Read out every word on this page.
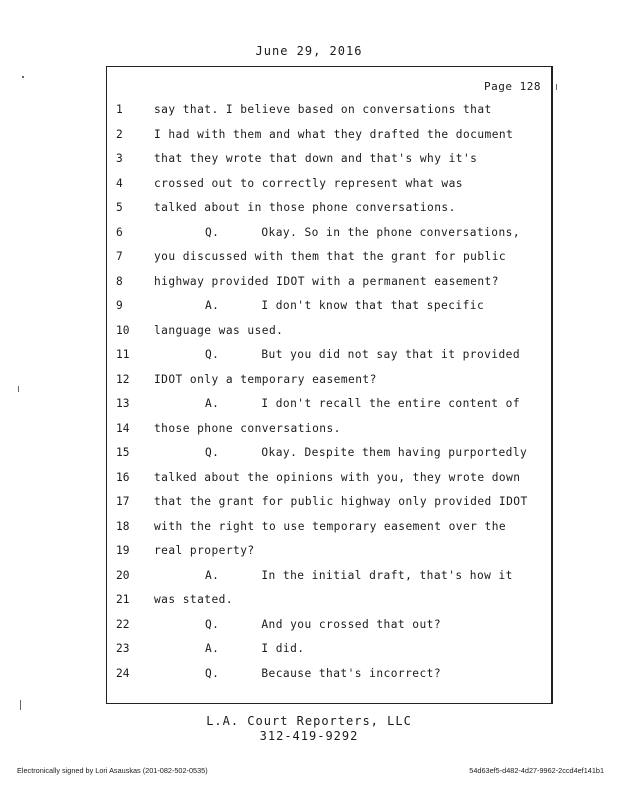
June 29, 2016
Page 128
1	say that. I believe based on conversations that
2	I had with them and what they drafted the document
3	that they wrote that down and that's why it's
4	crossed out to correctly represent what was
5	talked about in those phone conversations.
6	Q.	Okay. So in the phone conversations,
7	you discussed with them that the grant for public
8	highway provided IDOT with a permanent easement?
9	A.	I don't know that that specific
10	language was used.
11	Q.	But you did not say that it provided
12	IDOT only a temporary easement?
13	A.	I don't recall the entire content of
14	those phone conversations.
15	Q.	Okay. Despite them having purportedly
16	talked about the opinions with you, they wrote down
17	that the grant for public highway only provided IDOT
18	with the right to use temporary easement over the
19	real property?
20	A.	In the initial draft, that's how it
21	was stated.
22	Q.	And you crossed that out?
23	A.	I did.
24	Q.	Because that's incorrect?
L.A. Court Reporters, LLC
312-419-9292
Electronically signed by Lori Asauskas (201-082-502-0535)	54d63ef5-d482-4d27-9962-2ccd4ef141b1
